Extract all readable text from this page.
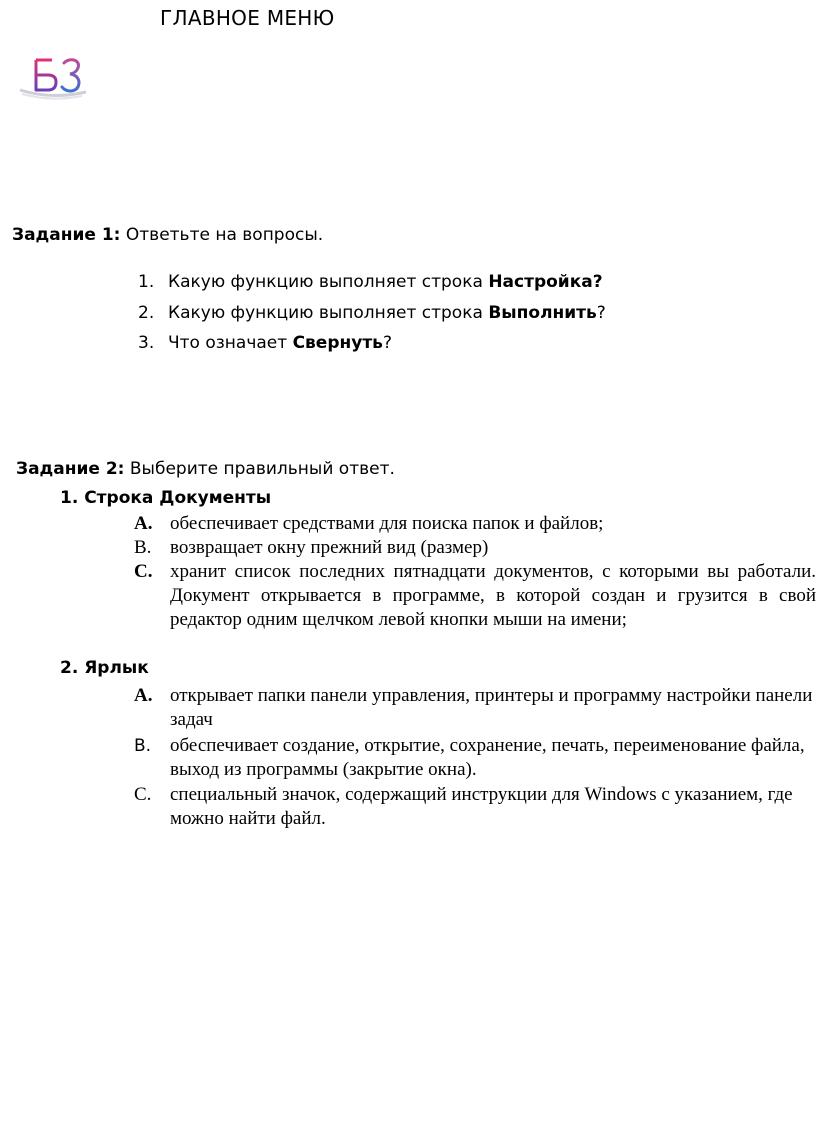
ГЛАВНОЕ МЕНЮ
Задание 1: Ответьте на вопросы.
1. Какую функцию выполняет строка Настройка?
2. Какую функцию выполняет строка Выполнить?
3. Что означает Свернуть?
Задание 2: Выберите правильный ответ.
1. Строка Документы
А. обеспечивает средствами для поиска папок и файлов;
В. возвращает окну прежний вид (размер)
С. хранит список последних пятнадцати документов, с которыми вы работали. Документ открывается в программе, в которой создан и грузится в свой редактор одним щелчком левой кнопки мыши на имени;
2. Ярлык
А. открывает папки панели управления, принтеры и программу настройки панели задач
В. обеспечивает создание, открытие, сохранение, печать, переименование файла, выход из программы (закрытие окна).
С. специальный значок, содержащий инструкции для Windows с указанием, где можно найти файл.
